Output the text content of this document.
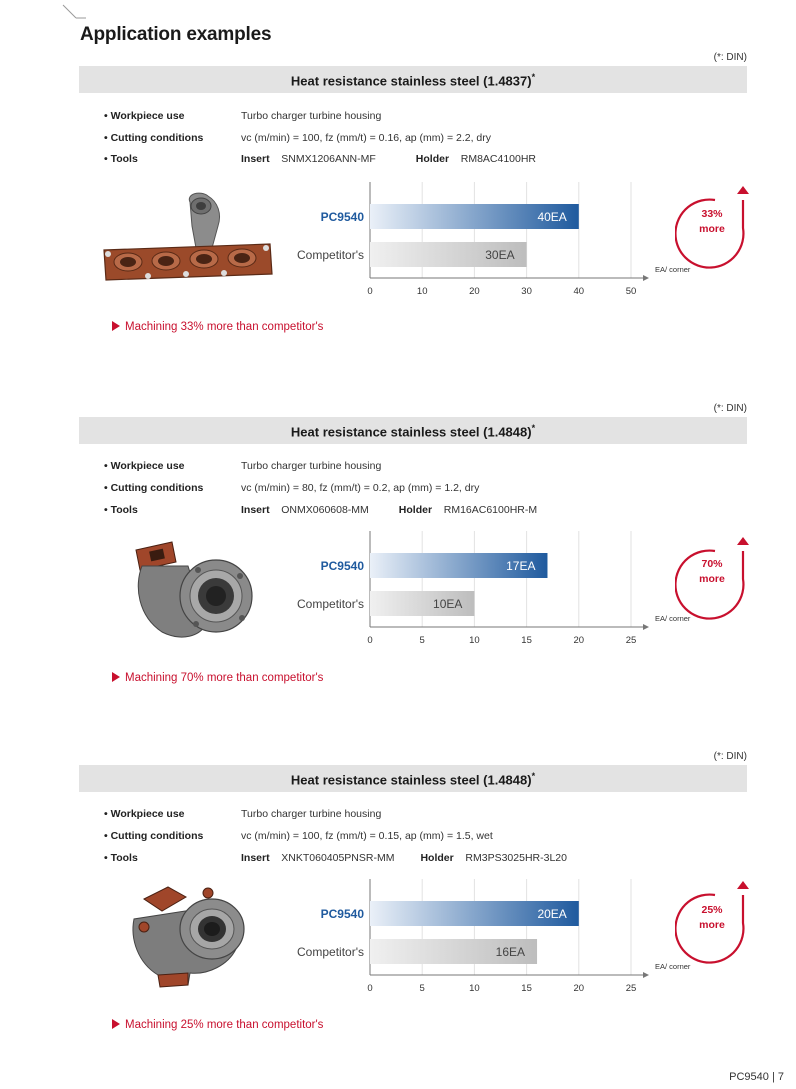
Application examples
(*: DIN)
Heat resistance stainless steel (1.4837)*
• Workpiece use	Turbo charger turbine housing
• Cutting conditions	vc (m/min) = 100, fz (mm/t) = 0.16, ap (mm) = 2.2, dry
• Tools	Insert SNMX1206ANN-MF	Holder RM8AC4100HR
0	10	20	30	40	50
EA/ corner
40EA
PC9540
30EA
Competitor's
33%
more
Machining 33% more than competitor's
(*: DIN)
Heat resistance stainless steel (1.4848)*
• Workpiece use	Turbo charger turbine housing
• Cutting conditions	vc (m/min) = 80, fz (mm/t) = 0.2, ap (mm) = 1.2, dry
• Tools	Insert ONMX060608-MM	Holder RM16AC6100HR-M
0	5	10	15	20	25
EA/ corner
17EA
PC9540
10EA
Competitor's
70%
more
Machining 70% more than competitor's
(*: DIN)
Heat resistance stainless steel (1.4848)*
• Workpiece use	Turbo charger turbine housing
• Cutting conditions	vc (m/min) = 100, fz (mm/t) = 0.15, ap (mm) = 1.5, wet
• Tools	Insert XNKT060405PNSR-MM Holder RM3PS3025HR-3L20
0	5	10	15	20	25
EA/ corner
20EA
PC9540
16EA
Competitor's
25%
more
Machining 25% more than competitor's
PC9540 | 7
